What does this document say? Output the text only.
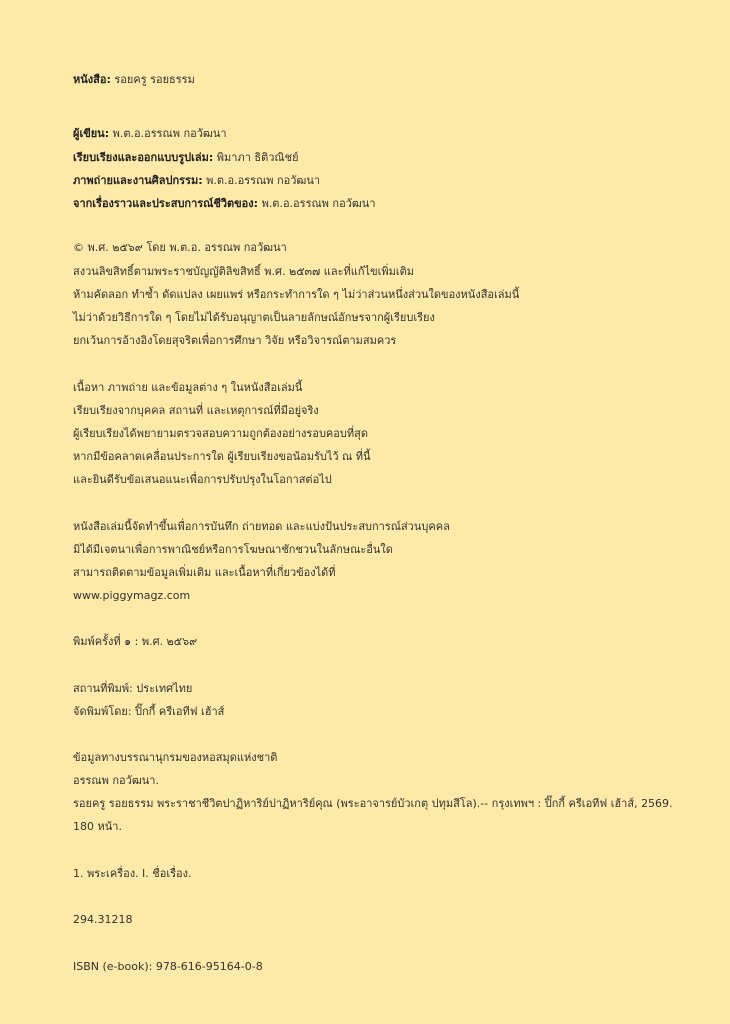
หนังสือ: รอยครู รอยธรรม
ผู้เขียน: พ.ต.อ.อรรณพ กอวัฒนา
เรียบเรียงและออกแบบรูปเล่ม: พิมาภา ธิติวณิชย์
ภาพถ่ายและงานศิลปกรรม: พ.ต.อ.อรรณพ กอวัฒนา
จากเรื่องราวและประสบการณ์ชีวิตของ: พ.ต.อ.อรรณพ กอวัฒนา
© พ.ศ. ๒๕๖๙ โดย พ.ต.อ. อรรณพ กอวัฒนา
สงวนลิขสิทธิ์ตามพระราชบัญญัติลิขสิทธิ์ พ.ศ. ๒๕๓๗ และที่แก้ไขเพิ่มเติม
ห้ามคัดลอก ทำซ้ำ ดัดแปลง เผยแพร่ หรือกระทำการใด ๆ ไม่ว่าส่วนหนึ่งส่วนใดของหนังสือเล่มนี้
ไม่ว่าด้วยวิธีการใด ๆ โดยไม่ได้รับอนุญาตเป็นลายลักษณ์อักษรจากผู้เรียบเรียง
ยกเว้นการอ้างอิงโดยสุจริตเพื่อการศึกษา วิจัย หรือวิจารณ์ตามสมควร
เนื้อหา ภาพถ่าย และข้อมูลต่าง ๆ ในหนังสือเล่มนี้
เรียบเรียงจากบุคคล สถานที่ และเหตุการณ์ที่มีอยู่จริง
ผู้เรียบเรียงได้พยายามตรวจสอบความถูกต้องอย่างรอบคอบที่สุด
หากมีข้อคลาดเคลื่อนประการใด ผู้เรียบเรียงขอน้อมรับไว้ ณ ที่นี้
และยินดีรับข้อเสนอแนะเพื่อการปรับปรุงในโอกาสต่อไป
หนังสือเล่มนี้จัดทำขึ้นเพื่อการบันทึก ถ่ายทอด และแบ่งปันประสบการณ์ส่วนบุคคล
มิได้มีเจตนาเพื่อการพาณิชย์หรือการโฆษณาชักชวนในลักษณะอื่นใด
สามารถติดตามข้อมูลเพิ่มเติม และเนื้อหาที่เกี่ยวข้องได้ที่
www.piggymagz.com
พิมพ์ครั้งที่ ๑ : พ.ศ. ๒๕๖๙
สถานที่พิมพ์: ประเทศไทย
จัดพิมพ์โดย: ปิ๊กกี้ ครีเอทีฟ เฮ้าส์
ข้อมูลทางบรรณานุกรมของหอสมุดแห่งชาติ
อรรณพ กอวัฒนา.
รอยครู รอยธรรม พระราชาชีวิตปาฏิหาริย์ปาฏิหาริย์คุณ (พระอาจารย์บัวเกตุ ปทุมสีโล).-- กรุงเทพฯ : ปิ๊กกี้ ครีเอทีฟ เฮ้าส์, 2569.
180 หน้า.
1. พระเครื่อง. I. ชื่อเรื่อง.
294.31218
ISBN (e-book): 978-616-95164-0-8
